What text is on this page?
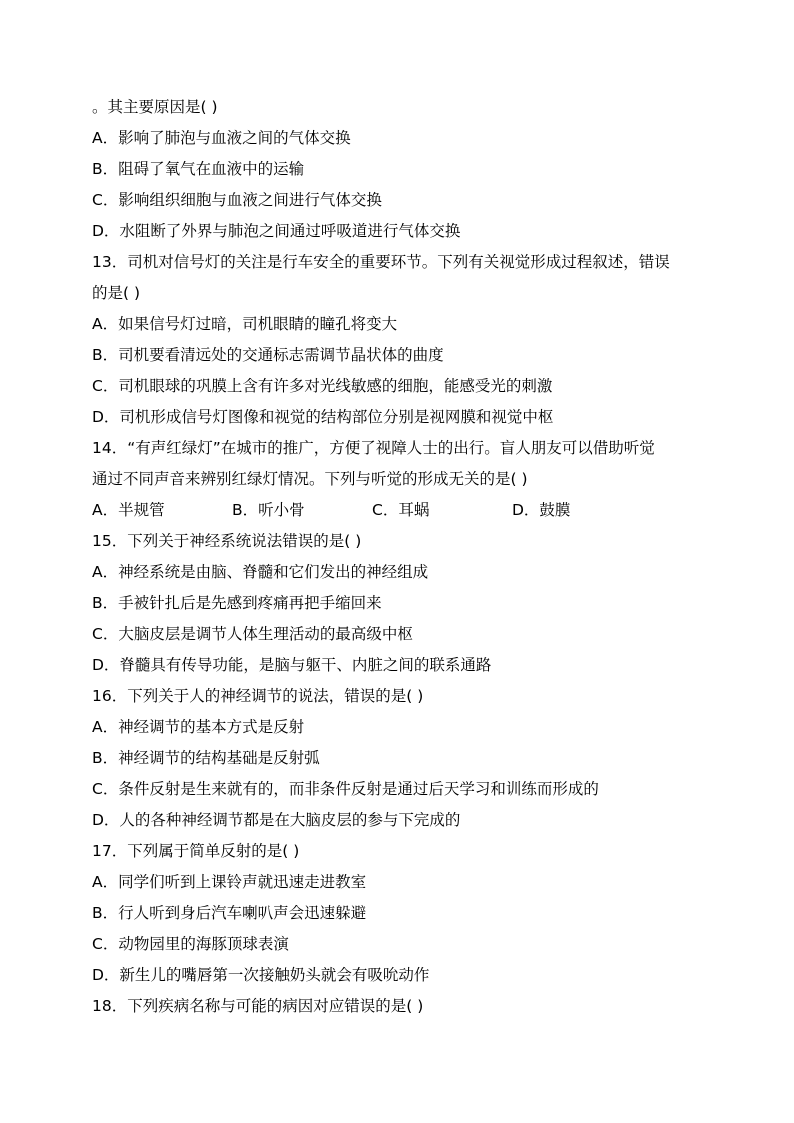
。其主要原因是( )
A．影响了肺泡与血液之间的气体交换
B．阻碍了氧气在血液中的运输
C．影响组织细胞与血液之间进行气体交换
D．水阻断了外界与肺泡之间通过呼吸道进行气体交换
13．司机对信号灯的关注是行车安全的重要环节。下列有关视觉形成过程叙述，错误
的是( )
A．如果信号灯过暗，司机眼睛的瞳孔将变大
B．司机要看清远处的交通标志需调节晶状体的曲度
C．司机眼球的巩膜上含有许多对光线敏感的细胞，能感受光的刺激
D．司机形成信号灯图像和视觉的结构部位分别是视网膜和视觉中枢
14．“有声红绿灯”在城市的推广，方便了视障人士的出行。盲人朋友可以借助听觉
通过不同声音来辨别红绿灯情况。下列与听觉的形成无关的是( )
A．半规管	B．听小骨	C．耳蜗	D．鼓膜
15．下列关于神经系统说法错误的是( )
A．神经系统是由脑、脊髓和它们发出的神经组成
B．手被针扎后是先感到疼痛再把手缩回来
C．大脑皮层是调节人体生理活动的最高级中枢
D．脊髓具有传导功能，是脑与躯干、内脏之间的联系通路
16．下列关于人的神经调节的说法，错误的是( )
A．神经调节的基本方式是反射
B．神经调节的结构基础是反射弧
C．条件反射是生来就有的，而非条件反射是通过后天学习和训练而形成的
D．人的各种神经调节都是在大脑皮层的参与下完成的
17．下列属于简单反射的是( )
A．同学们听到上课铃声就迅速走进教室
B．行人听到身后汽车喇叭声会迅速躲避
C．动物园里的海豚顶球表演
D．新生儿的嘴唇第一次接触奶头就会有吸吮动作
18．下列疾病名称与可能的病因对应错误的是( )
